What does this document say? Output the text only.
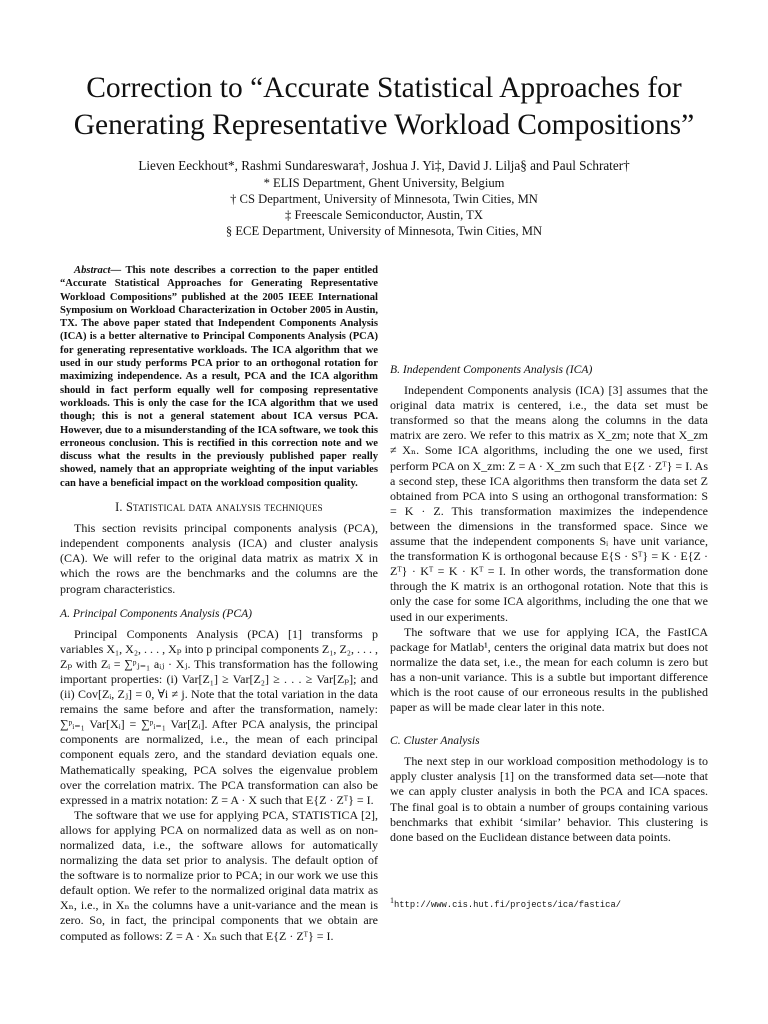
Correction to “Accurate Statistical Approaches for Generating Representative Workload Compositions”
Lieven Eeckhout*, Rashmi Sundareswara†, Joshua J. Yi‡, David J. Lilja§ and Paul Schrater†
* ELIS Department, Ghent University, Belgium
† CS Department, University of Minnesota, Twin Cities, MN
‡ Freescale Semiconductor, Austin, TX
§ ECE Department, University of Minnesota, Twin Cities, MN

Abstract— This note describes a correction to the paper entitled “Accurate Statistical Approaches for Generating Representative Workload Compositions” published at the 2005 IEEE International Symposium on Workload Characterization in October 2005 in Austin, TX. The above paper stated that Independent Components Analysis (ICA) is a better alternative to Principal Components Analysis (PCA) for generating representative workloads. The ICA algorithm that we used in our study performs PCA prior to an orthogonal rotation for maximizing independence. As a result, PCA and the ICA algorithm should in fact perform equally well for composing representative workloads. This is only the case for the ICA algorithm that we used though; this is not a general statement about ICA versus PCA. However, due to a misunderstanding of the ICA software, we took this erroneous conclusion. This is rectified in this correction note and we discuss what the results in the previously published paper really showed, namely that an appropriate weighting of the input variables can have a beneficial impact on the workload composition quality.

I. Statistical data analysis techniques

This section revisits principal components analysis (PCA), independent components analysis (ICA) and cluster analysis (CA). We will refer to the original data matrix as matrix X in which the rows are the benchmarks and the columns are the program characteristics.

A. Principal Components Analysis (PCA)

Principal Components Analysis (PCA) [1] transforms p variables X₁, X₂, . . . , Xₚ into p principal components Z₁, Z₂, . . . , Zₚ with Zᵢ = ∑ᵖⱼ₌₁ aᵢⱼ · Xⱼ. This transformation has the following important properties: (i) Var[Z₁] ≥ Var[Z₂] ≥ . . . ≥ Var[Zₚ]; and (ii) Cov[Zᵢ, Zⱼ] = 0, ∀i ≠ j. Note that the total variation in the data remains the same before and after the transformation, namely: ∑ᵖᵢ₌₁ Var[Xᵢ] = ∑ᵖᵢ₌₁ Var[Zᵢ]. After PCA analysis, the principal components are normalized, i.e., the mean of each principal component equals zero, and the standard deviation equals one. Mathematically speaking, PCA solves the eigenvalue problem over the correlation matrix. The PCA transformation can also be expressed in a matrix notation: Z = A · X such that E{Z · Zᵀ} = I.

The software that we use for applying PCA, STATISTICA [2], allows for applying PCA on normalized data as well as on non-normalized data, i.e., the software allows for automatically normalizing the data set prior to analysis. The default option of the software is to normalize prior to PCA; in our work we use this default option. We refer to the normalized original data matrix as Xₙ, i.e., in Xₙ the columns have a unit-variance and the mean is zero. So, in fact, the principal components that we obtain are computed as follows: Z = A · Xₙ such that E{Z · Zᵀ} = I.

B. Independent Components Analysis (ICA)

Independent Components analysis (ICA) [3] assumes that the original data matrix is centered, i.e., the data set must be transformed so that the means along the columns in the data matrix are zero. We refer to this matrix as X_zm; note that X_zm ≠ Xₙ. Some ICA algorithms, including the one we used, first perform PCA on X_zm: Z = A · X_zm such that E{Z · Zᵀ} = I. As a second step, these ICA algorithms then transform the data set Z obtained from PCA into S using an orthogonal transformation: S = K · Z. This transformation maximizes the independence between the dimensions in the transformed space. Since we assume that the independent components Sᵢ have unit variance, the transformation K is orthogonal because E{S · Sᵀ} = K · E{Z · Zᵀ} · Kᵀ = K · Kᵀ = I. In other words, the transformation done through the K matrix is an orthogonal rotation. Note that this is only the case for some ICA algorithms, including the one that we used in our experiments.

The software that we use for applying ICA, the FastICA package for Matlab¹, centers the original data matrix but does not normalize the data set, i.e., the mean for each column is zero but has a non-unit variance. This is a subtle but important difference which is the root cause of our erroneous results in the published paper as will be made clear later in this note.

C. Cluster Analysis

The next step in our workload composition methodology is to apply cluster analysis [1] on the transformed data set—note that we can apply cluster analysis in both the PCA and ICA spaces. The final goal is to obtain a number of groups containing various benchmarks that exhibit ‘similar’ behavior. This clustering is done based on the Euclidean distance between data points.

$^1$http://www.cis.hut.fi/projects/ica/fastica/
